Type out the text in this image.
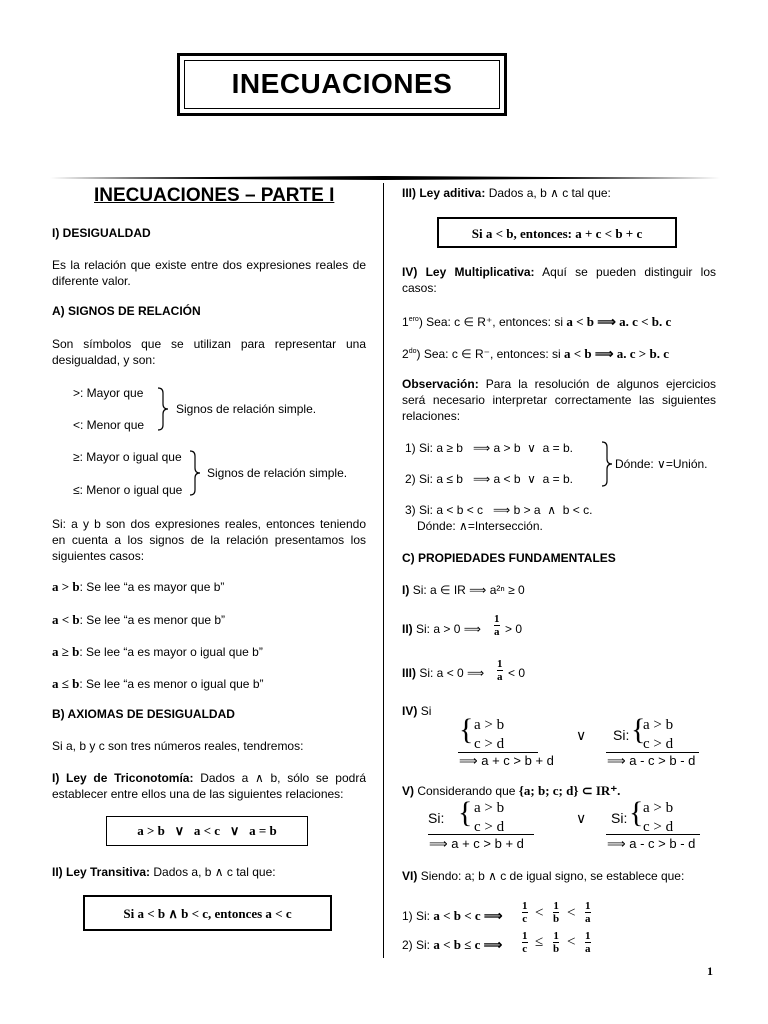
INECUACIONES
INECUACIONES – PARTE I
I) DESIGUALDAD
Es la relación que existe entre dos expresiones reales de diferente valor.
A) SIGNOS DE RELACIÓN
Son símbolos que se utilizan para representar una desigualdad, y son:
>: Mayor que
<: Menor que
Signos de relación simple.
≥: Mayor o igual que
≤: Menor o igual que
Signos de relación simple.
Si: a y b son dos expresiones reales, entonces teniendo en cuenta a los signos de la relación presentamos los siguientes casos:
a > b: Se lee “a es mayor que b”
a < b: Se lee “a es menor que b”
a ≥ b: Se lee “a es mayor o igual que b”
a ≤ b: Se lee “a es menor o igual que b”
B) AXIOMAS DE DESIGUALDAD
Si a, b y c son tres números reales, tendremos:
I) Ley de Triconotomía: Dados a ∧ b, sólo se podrá establecer entre ellos una de las siguientes relaciones:
a > b   ∨   a < c   ∨   a = b
II) Ley Transitiva: Dados a, b ∧ c tal que:
Si a < b ∧ b < c, entonces a < c
III) Ley aditiva: Dados a, b ∧ c tal que:
Si a < b, entonces: a + c < b + c
IV) Ley Multiplicativa: Aquí se pueden distinguir los casos:
$1^{ero}$) Sea: c ∈ R⁺, entonces: si a < b ⟹ a. c < b. c
$2^{do}$) Sea: c ∈ R⁻, entonces: si a < b ⟹ a. c > b. c
Observación: Para la resolución de algunos ejercicios será necesario interpretar correctamente las siguientes relaciones:
1) Si: a ≥ b   ⟹ a > b  ∨  a = b.
2) Si: a ≤ b   ⟹ a < b  ∨  a = b.
Dónde: ∨=Unión.
3) Si: a < b < c   ⟹ b > a  ∧  b < c.
Dónde: ∧=Intersección.
C) PROPIEDADES FUNDAMENTALES
I) Si: a ∈ IR ⟹ a²ⁿ ≥ 0
II) Si: a > 0 ⟹
1
a > 0
III) Si: a < 0 ⟹
1
a < 0
IV) Si
{ a > b
c > d
⟹ a + c > b + d
∨ Si: {
a > b
c > d
⟹ a - c > b - d
V) Considerando que {a; b; c; d} ⊂ IR⁺.
Si: { a > b
c > d
⟹ a + c > b + d
∨ Si: { a > b
c > d
⟹ a - c > b - d
VI) Siendo: a; b ∧ c de igual signo, se establece que:
1) Si: a < b < c ⟹
1
c < 1
b < 1
a
2) Si: a < b ≤ c ⟹
1
c ≤ 1
b < 1
a
1
